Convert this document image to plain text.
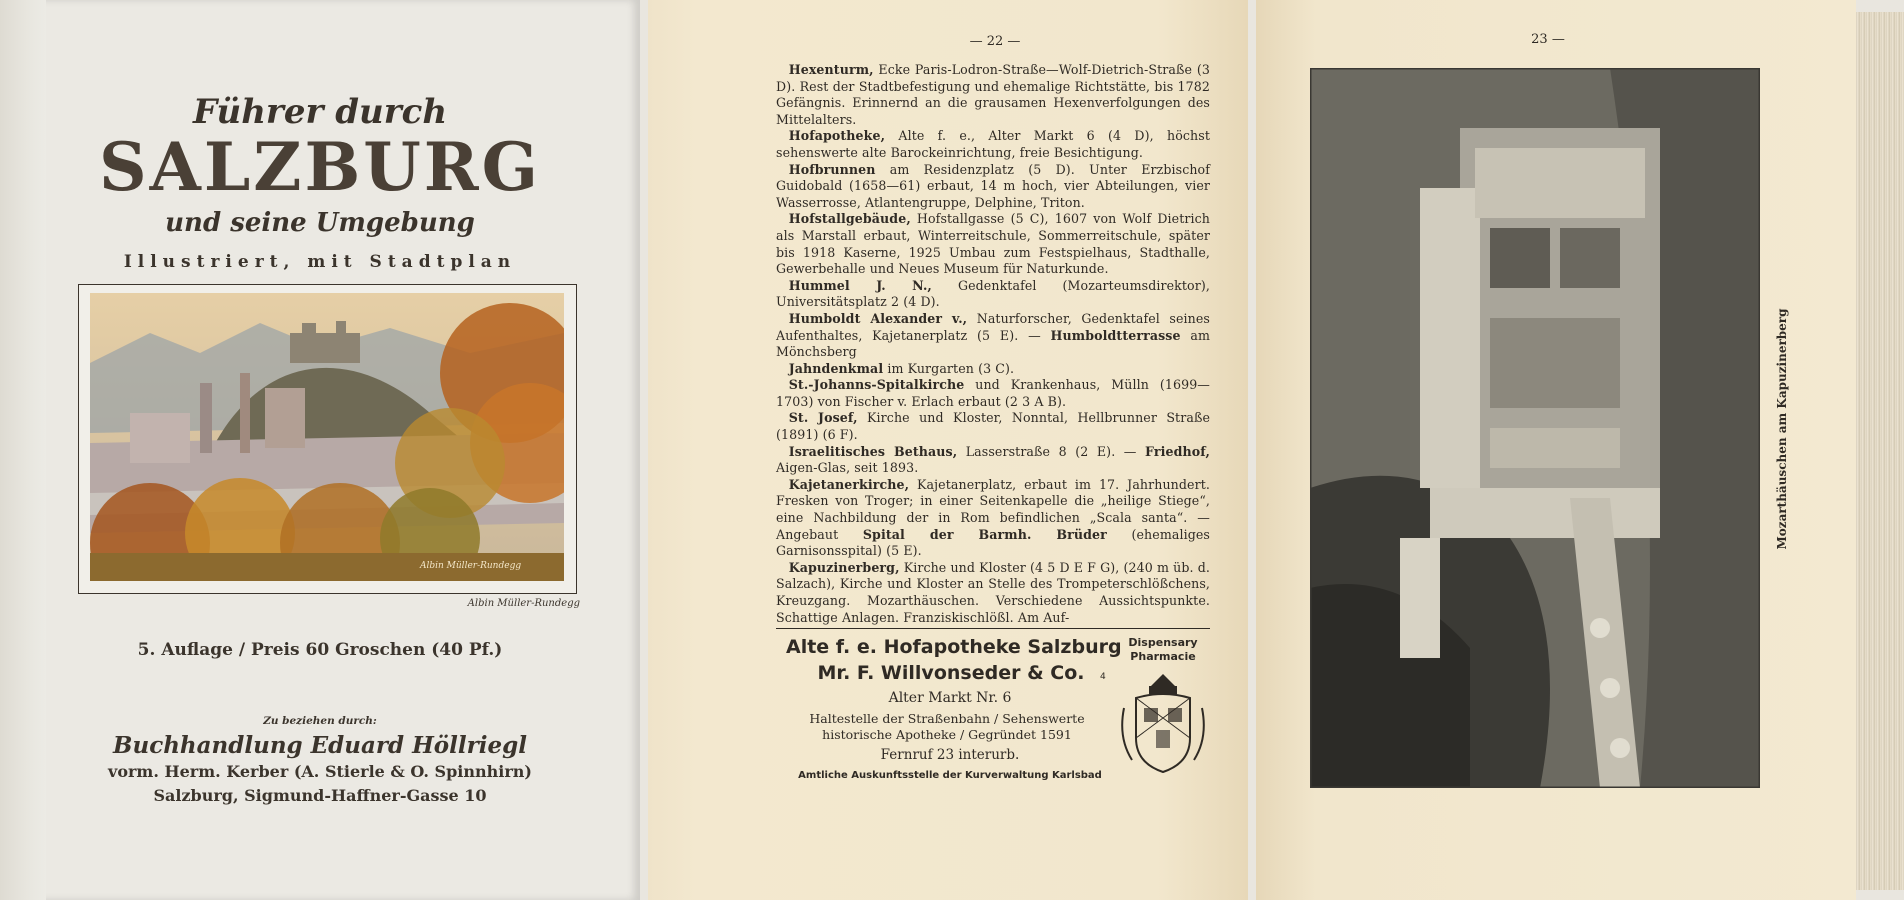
Führer durch
SALZBURG
und seine Umgebung
Illustriert, mit Stadtplan
Albin Müller-Rundegg
Albin Müller-Rundegg
5. Auflage / Preis 60 Groschen (40 Pf.)
Zu beziehen durch:
Buchhandlung Eduard Höllriegl
vorm. Herm. Kerber (A. Stierle & O. Spinnhirn)
Salzburg, Sigmund-Haffner-Gasse 10
— 22 —

 Hexenturm, Ecke Paris-Lodron-Straße—Wolf-Dietrich-Straße (3 D). Rest der Stadtbefestigung und ehemalige Richtstätte, bis 1782 Gefängnis. Erinnernd an die grausamen Hexenverfolgungen des Mittelalters.

 Hofapotheke, Alte f. e., Alter Markt 6 (4 D), höchst sehenswerte alte Barockeinrichtung, freie Besichtigung.

 Hofbrunnen am Residenzplatz (5 D). Unter Erzbischof Guidobald (1658—61) erbaut, 14 m hoch, vier Abteilungen, vier Wasserrosse, Atlantengruppe, Delphine, Triton.

 Hofstallgebäude, Hofstallgasse (5 C), 1607 von Wolf Dietrich als Marstall erbaut, Winterreitschule, Sommerreitschule, später bis 1918 Kaserne, 1925 Umbau zum Festspielhaus, Stadthalle, Gewerbehalle und Neues Museum für Naturkunde.

 Hummel J. N., Gedenktafel (Mozarteumsdirektor), Universitätsplatz 2 (4 D).

 Humboldt Alexander v., Naturforscher, Gedenktafel seines Aufenthaltes, Kajetanerplatz (5 E). — Humboldtterrasse am Mönchsberg

 Jahndenkmal im Kurgarten (3 C).

 St.-Johanns-Spitalkirche und Krankenhaus, Mülln (1699—1703) von Fischer v. Erlach erbaut (2 3 A B).

 St. Josef, Kirche und Kloster, Nonntal, Hellbrunner Straße (1891) (6 F).

 Israelitisches Bethaus, Lasserstraße 8 (2 E). — Friedhof, Aigen-Glas, seit 1893.

 Kajetanerkirche, Kajetanerplatz, erbaut im 17. Jahrhundert. Fresken von Troger; in einer Seitenkapelle die „heilige Stiege“, eine Nachbildung der in Rom befindlichen „Scala santa“. — Angebaut Spital der Barmh. Brüder (ehemaliges Garnisonsspital) (5 E).

 Kapuzinerberg, Kirche und Kloster (4 5 D E F G), (240 m üb. d. Salzach), Kirche und Kloster an Stelle des Trompeterschlößchens, Kreuzgang. Mozarthäuschen. Verschiedene Aussichtspunkte. Schattige Anlagen. Franziskischlößl. Am Auf-

Alte f. e. Hofapotheke Salzburg
Mr. F. Willvonseder & Co.
Dispensary
Pharmacie
4
Alter Markt Nr. 6
Haltestelle der Straßenbahn / Sehenswerte
historische Apotheke / Gegründet 1591
Fernruf 23 interurb.
Amtliche Auskunftsstelle der Kurverwaltung Karlsbad
23 —
Mozarthäuschen am Kapuzinerberg
